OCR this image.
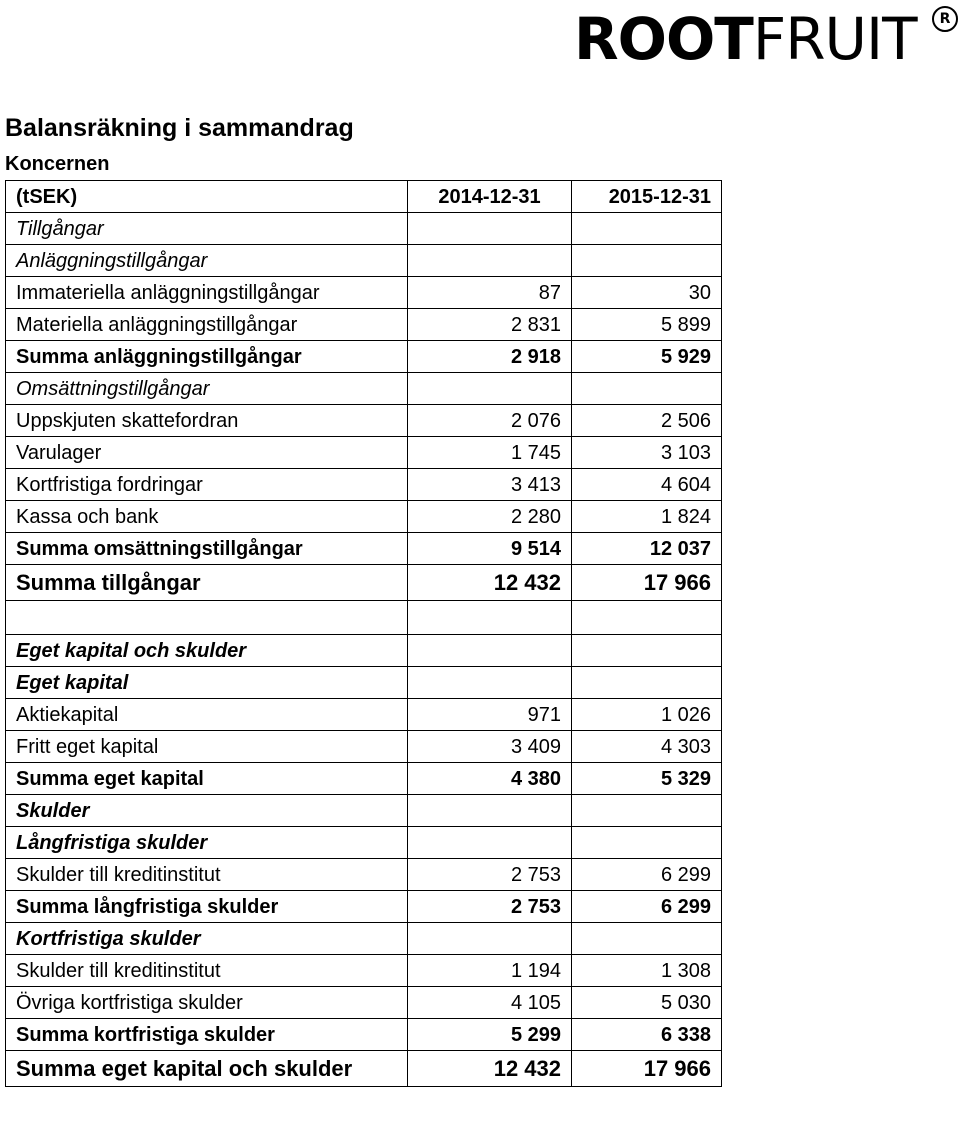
ROOTFRUIT	R
Balansräkning i sammandrag
Koncernen
(tSEK)	2014-12-31	2015-12-31
Tillgångar		
Anläggningstillgångar		
Immateriella anläggningstillgångar	87	30
Materiella anläggningstillgångar	2 831	5 899
Summa anläggningstillgångar	2 918	5 929
Omsättningstillgångar		
Uppskjuten skattefordran	2 076	2 506
Varulager	1 745	3 103
Kortfristiga fordringar	3 413	4 604
Kassa och bank	2 280	1 824
Summa omsättningstillgångar	9 514	12 037
Summa tillgångar	12 432	17 966

Eget kapital och skulder		
Eget kapital		
Aktiekapital	971	1 026
Fritt eget kapital	3 409	4 303
Summa eget kapital	4 380	5 329
Skulder		
Långfristiga skulder		
Skulder till kreditinstitut	2 753	6 299
Summa långfristiga skulder	2 753	6 299
Kortfristiga skulder		
Skulder till kreditinstitut	1 194	1 308
Övriga kortfristiga skulder	4 105	5 030
Summa kortfristiga skulder	5 299	6 338
Summa eget kapital och skulder	12 432	17 966
